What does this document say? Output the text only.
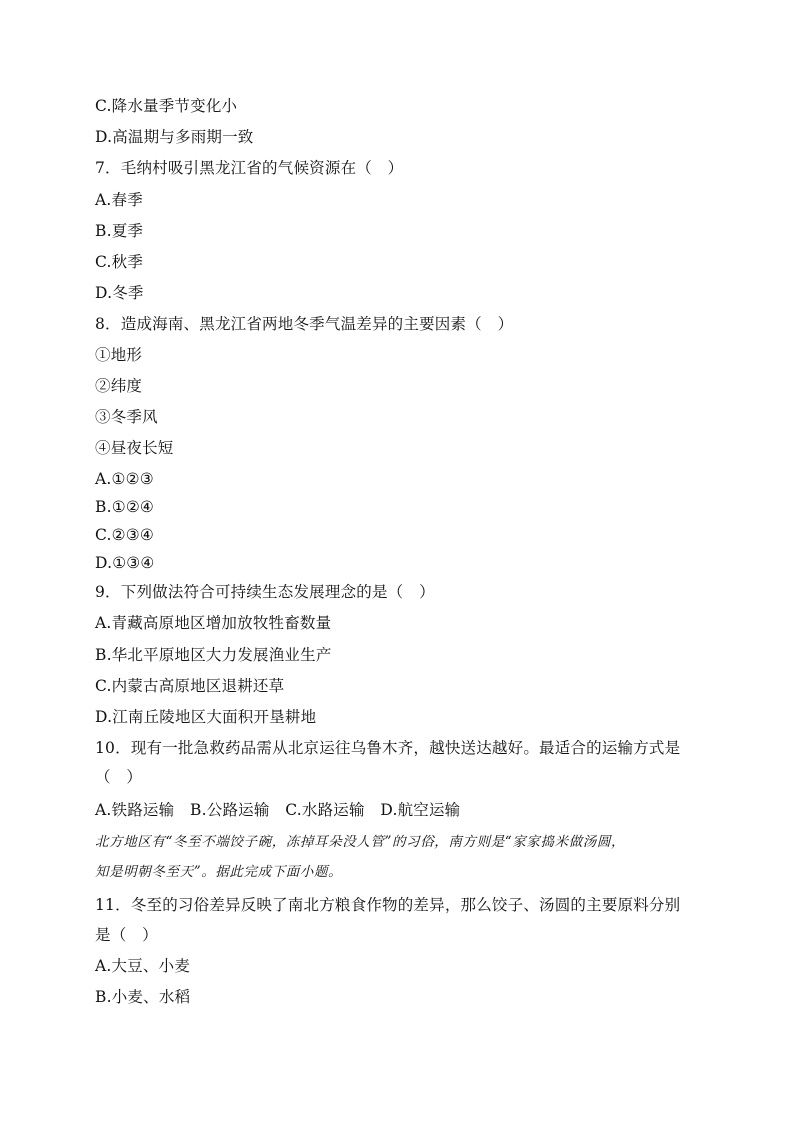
C.降水量季节变化小
D.高温期与多雨期一致
7．毛纳村吸引黑龙江省的气候资源在（　）
A.春季
B.夏季
C.秋季
D.冬季
8．造成海南、黑龙江省两地冬季气温差异的主要因素（　）
①地形
②纬度
③冬季风
④昼夜长短
A.①②③
B.①②④
C.②③④
D.①③④
9．下列做法符合可持续生态发展理念的是（　）
A.青藏高原地区增加放牧牲畜数量
B.华北平原地区大力发展渔业生产
C.内蒙古高原地区退耕还草
D.江南丘陵地区大面积开垦耕地
10．现有一批急救药品需从北京运往乌鲁木齐，越快送达越好。最适合的运输方式是
（　）
A.铁路运输　B.公路运输　C.水路运输　D.航空运输
北方地区有“冬至不端饺子碗，冻掉耳朵没人管”的习俗，南方则是“家家捣米做汤圆，
知是明朝冬至天”。据此完成下面小题。
11．冬至的习俗差异反映了南北方粮食作物的差异，那么饺子、汤圆的主要原料分别
是（　）
A.大豆、小麦
B.小麦、水稻
